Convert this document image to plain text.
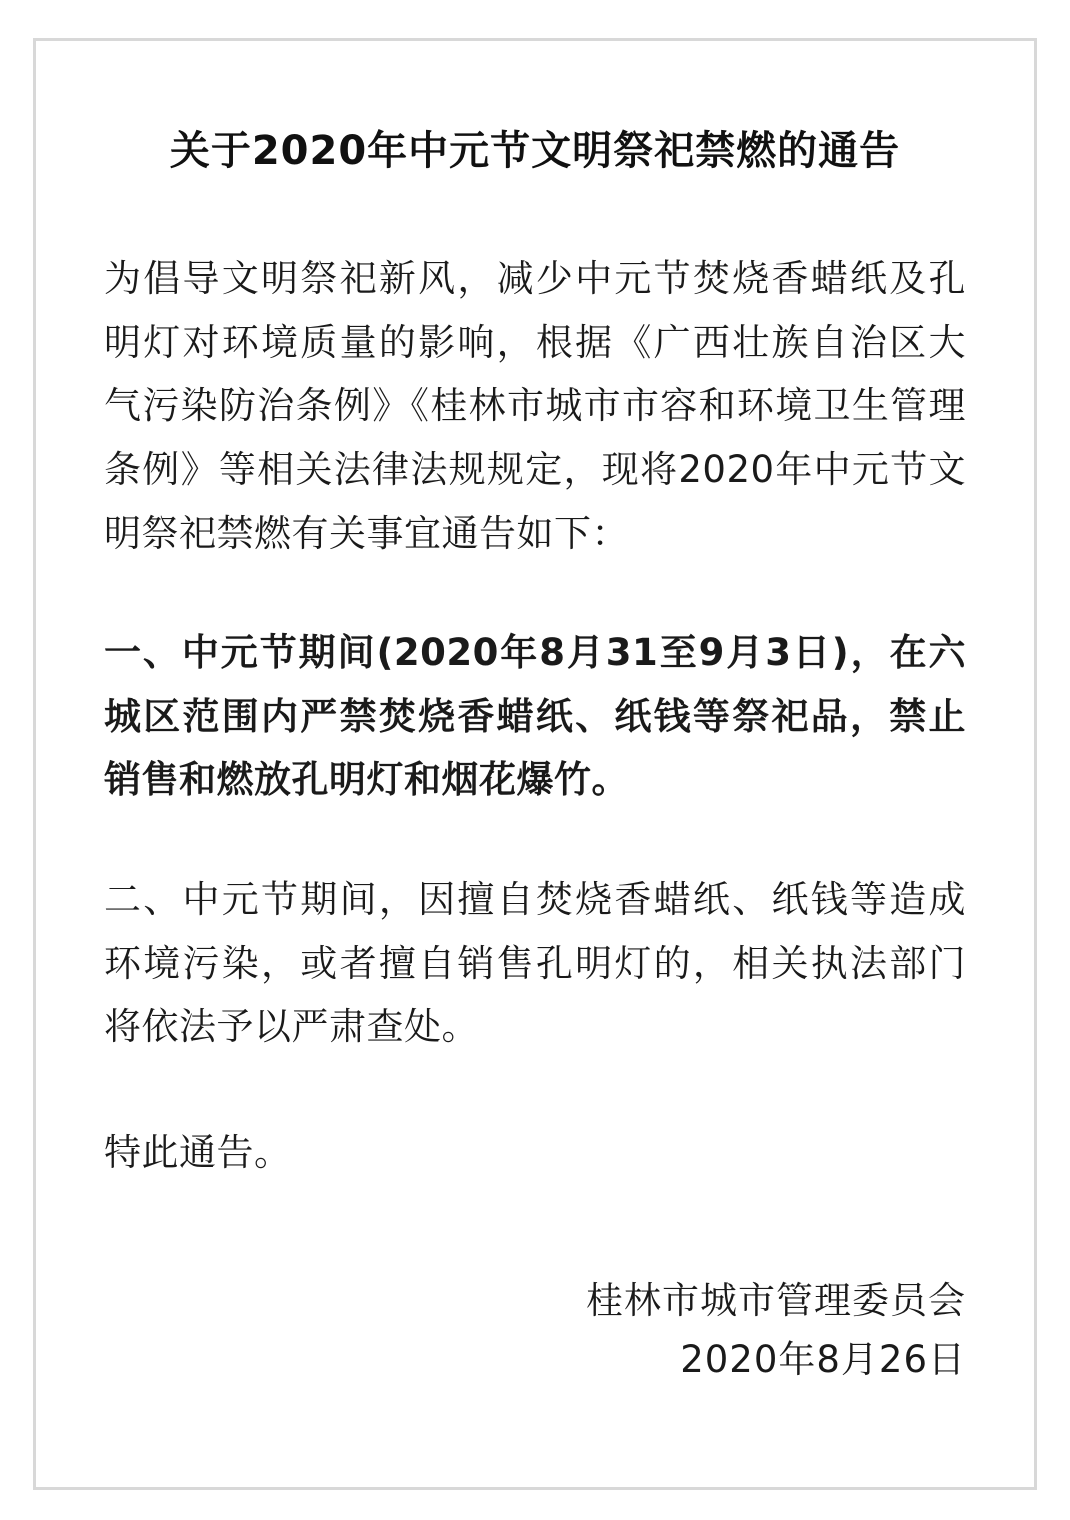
关于2020年中元节文明祭祀禁燃的通告

为倡导文明祭祀新风，减少中元节焚烧香蜡纸及孔明灯对环境质量的影响，根据《广西壮族自治区大气污染防治条例》《桂林市城市市容和环境卫生管理条例》等相关法律法规规定，现将2020年中元节文明祭祀禁燃有关事宜通告如下：

一、中元节期间(2020年8月31至9月3日)，在六城区范围内严禁焚烧香蜡纸、纸钱等祭祀品，禁止销售和燃放孔明灯和烟花爆竹。

二、中元节期间，因擅自焚烧香蜡纸、纸钱等造成环境污染，或者擅自销售孔明灯的，相关执法部门将依法予以严肃查处。

特此通告。

桂林市城市管理委员会
2020年8月26日
